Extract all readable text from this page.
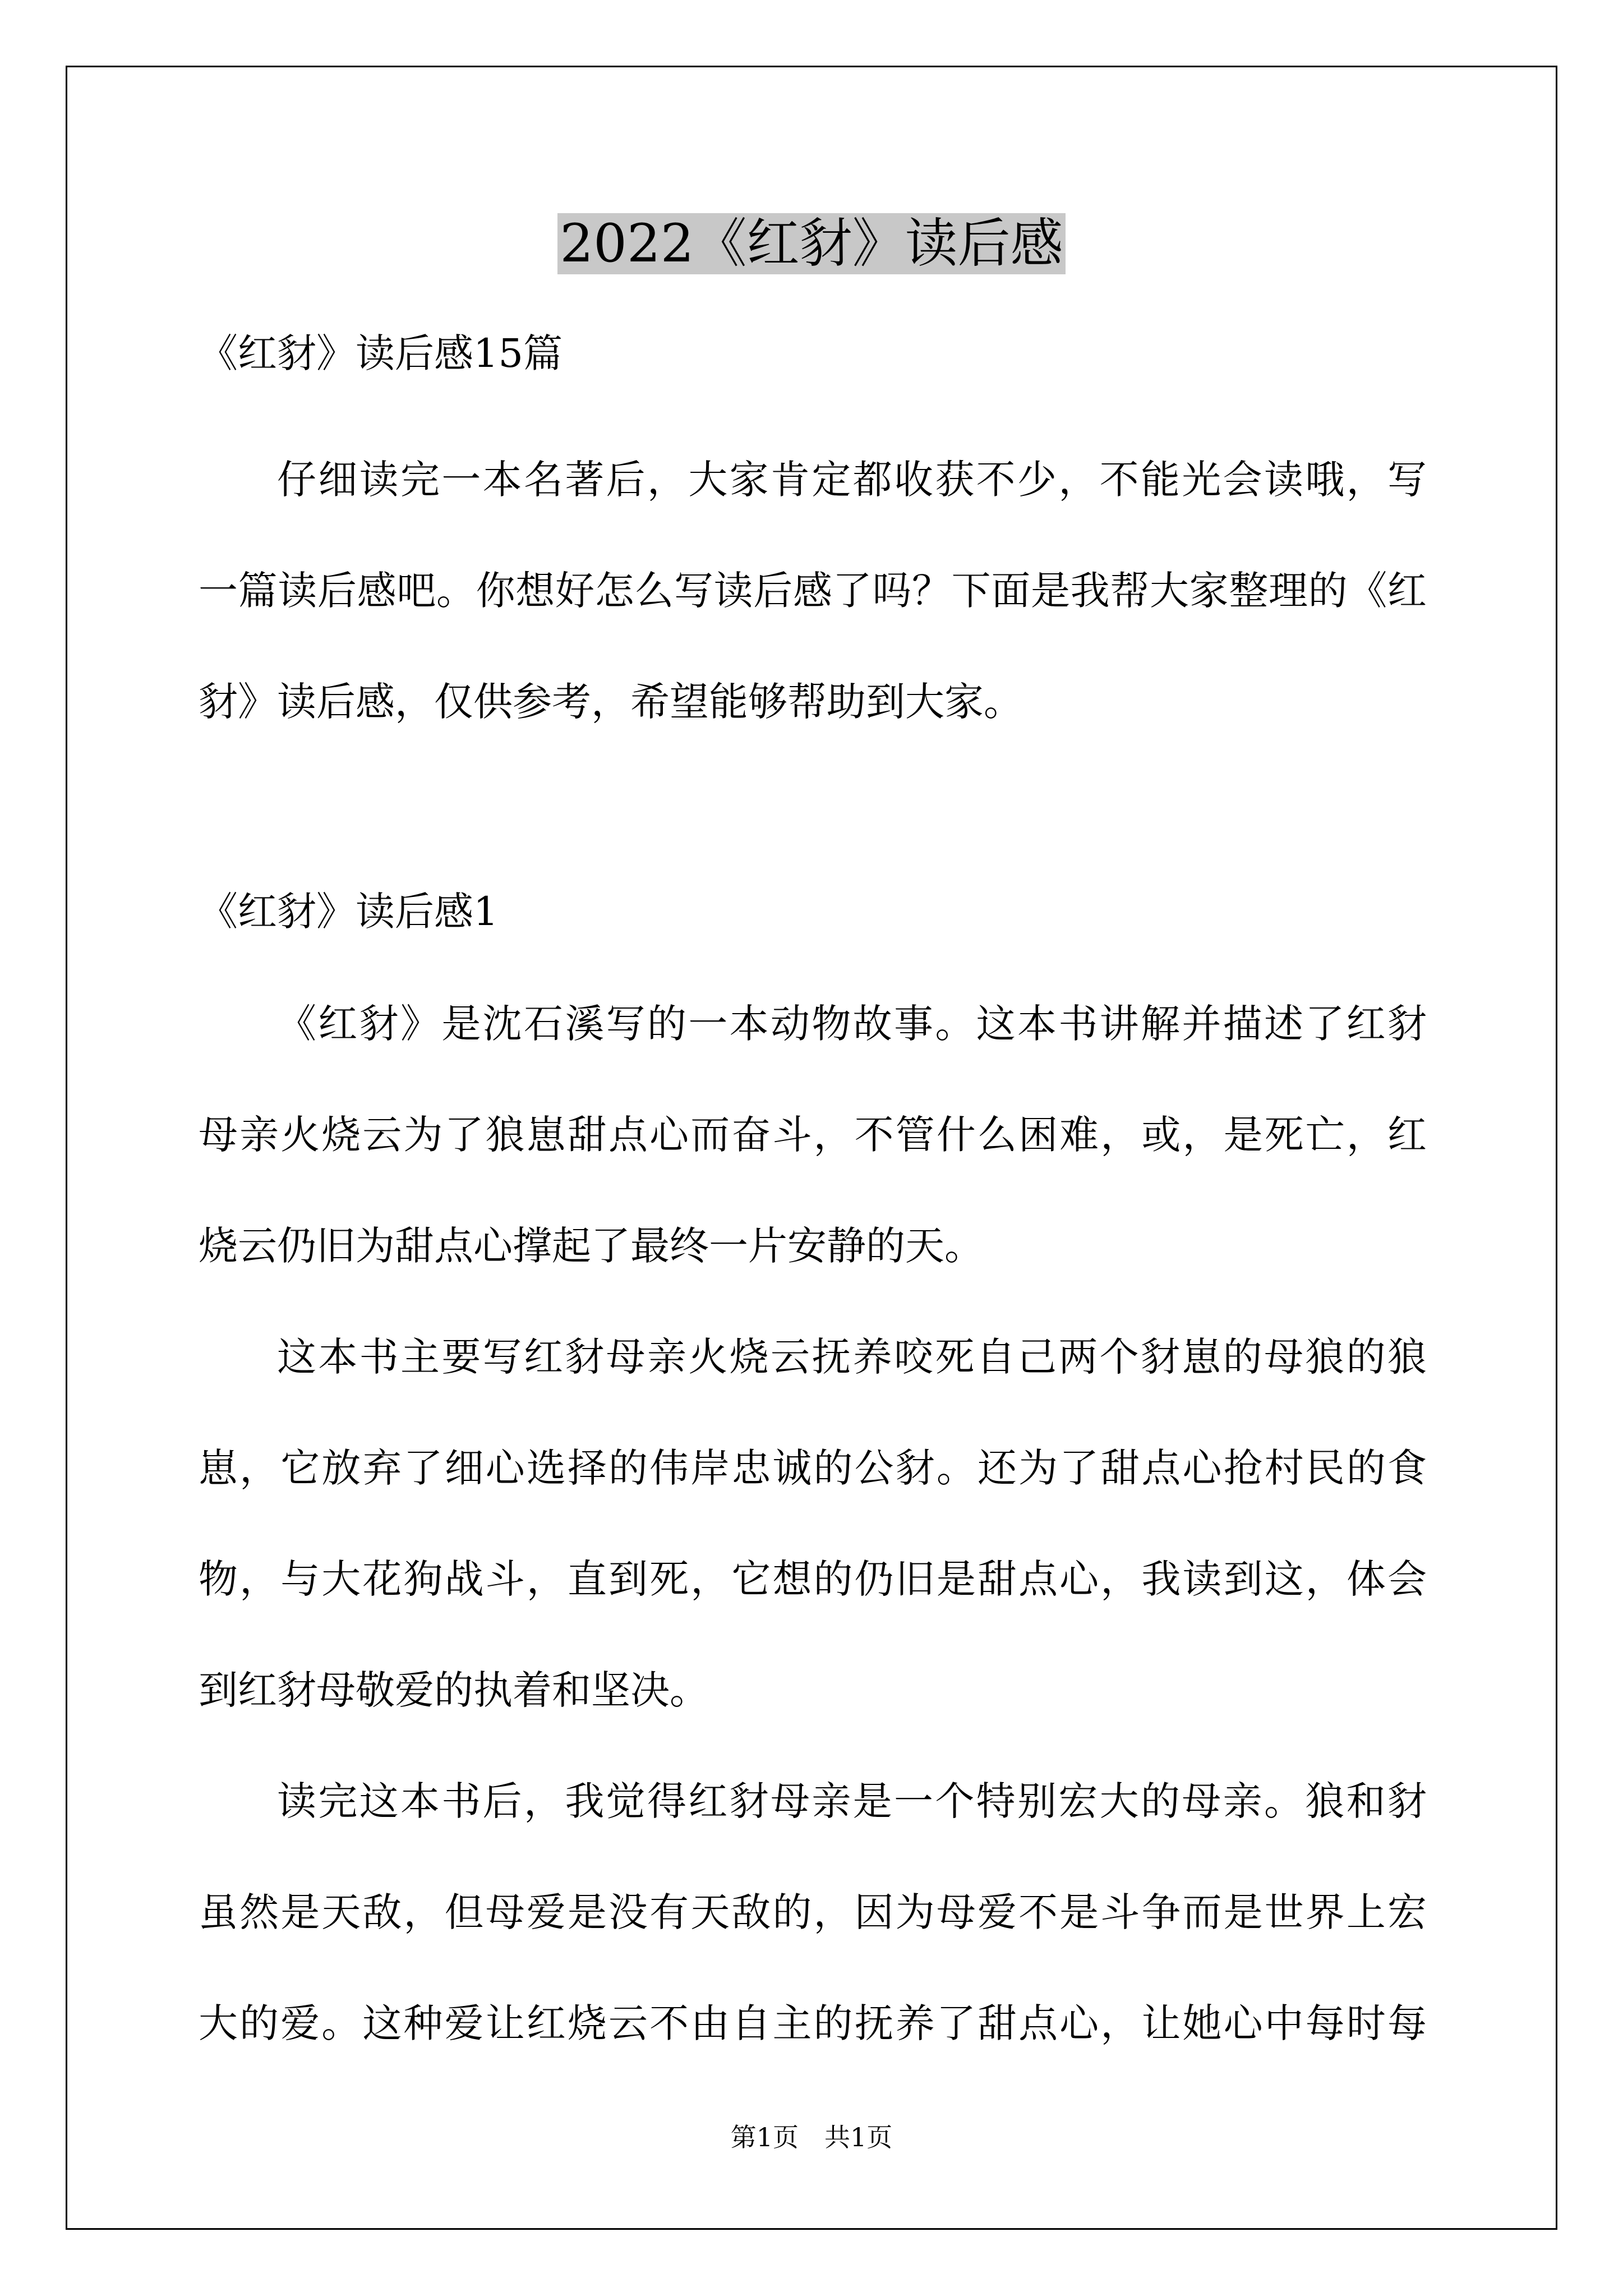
2022《红豺》读后感
《红豺》读后感15篇
仔细读完一本名著后，大家肯定都收获不少，不能光会读哦，写
一篇读后感吧。你想好怎么写读后感了吗？下面是我帮大家整理的《红
豺》读后感，仅供参考，希望能够帮助到大家。
《红豺》读后感1
《红豺》是沈石溪写的一本动物故事。这本书讲解并描述了红豺
母亲火烧云为了狼崽甜点心而奋斗，不管什么困难，或，是死亡，红
烧云仍旧为甜点心撑起了最终一片安静的天。
这本书主要写红豺母亲火烧云抚养咬死自己两个豺崽的母狼的狼
崽，它放弃了细心选择的伟岸忠诚的公豺。还为了甜点心抢村民的食
物，与大花狗战斗，直到死，它想的仍旧是甜点心，我读到这，体会
到红豺母敬爱的执着和坚决。
读完这本书后，我觉得红豺母亲是一个特别宏大的母亲。狼和豺
虽然是天敌，但母爱是没有天敌的，因为母爱不是斗争而是世界上宏
大的爱。这种爱让红烧云不由自主的抚养了甜点心，让她心中每时每
第1页 共1页
